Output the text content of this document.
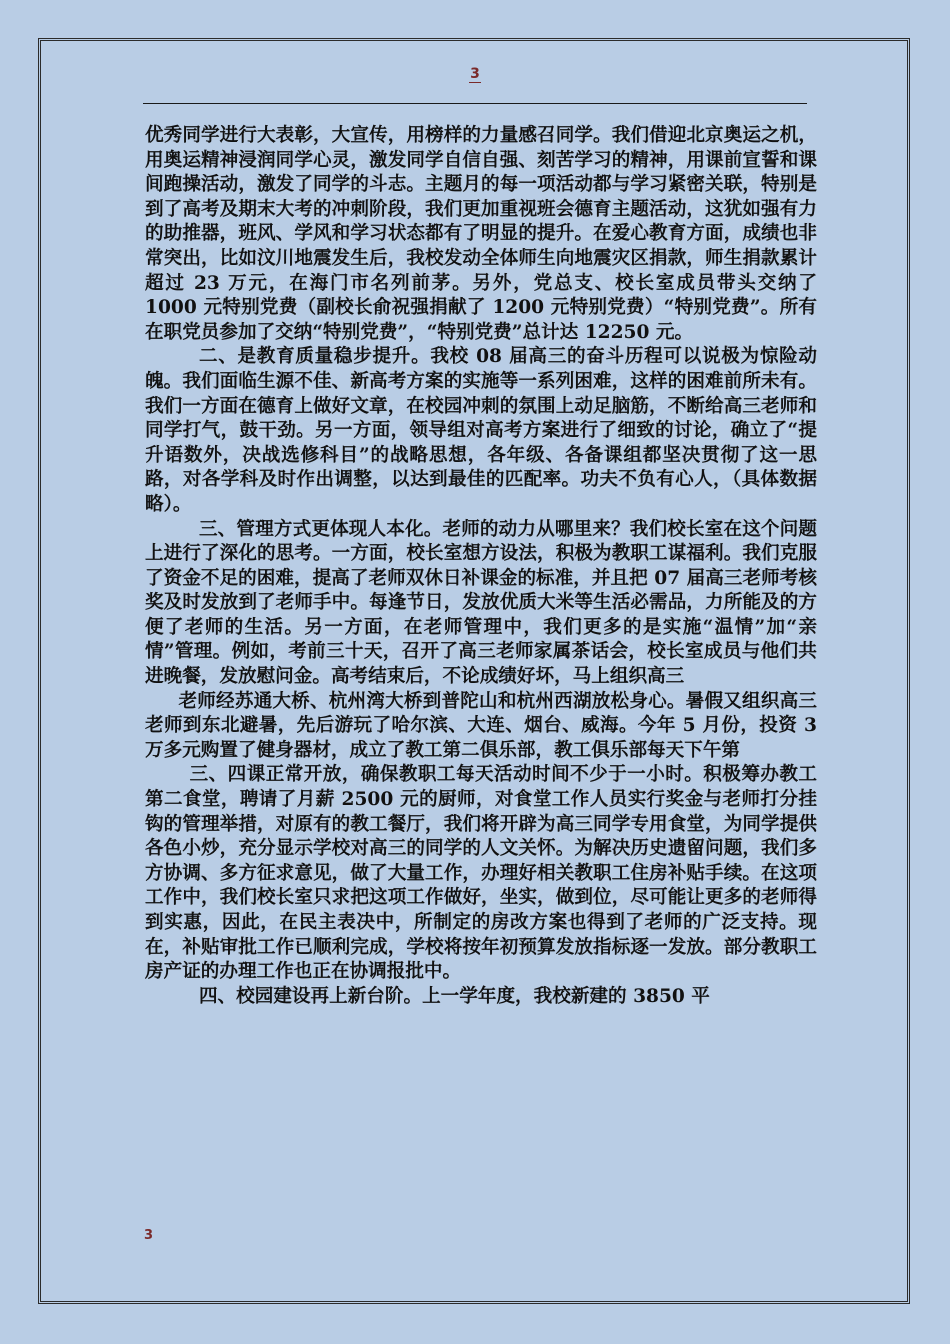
3

优秀同学进行大表彰，大宣传，用榜样的力量感召同学。我们借迎北京奥运之机，用奥运精神浸润同学心灵，激发同学自信自强、刻苦学习的精神，用课前宣誓和课间跑操活动，激发了同学的斗志。主题月的每一项活动都与学习紧密关联，特别是到了高考及期末大考的冲刺阶段，我们更加重视班会德育主题活动，这犹如强有力的助推器，班风、学风和学习状态都有了明显的提升。在爱心教育方面，成绩也非常突出，比如汶川地震发生后，我校发动全体师生向地震灾区捐款，师生捐款累计超过 23 万元，在海门市名列前茅。另外，党总支、校长室成员带头交纳了 1000 元特别党费（副校长俞祝强捐献了 1200 元特别党费）“特别党费”。所有在职党员参加了交纳“特别党费”，“特别党费”总计达 12250 元。

二、是教育质量稳步提升。我校 08 届高三的奋斗历程可以说极为惊险动魄。我们面临生源不佳、新高考方案的实施等一系列困难，这样的困难前所未有。我们一方面在德育上做好文章，在校园冲刺的氛围上动足脑筋，不断给高三老师和同学打气，鼓干劲。另一方面，领导组对高考方案进行了细致的讨论，确立了“提升语数外，决战选修科目”的战略思想，各年级、各备课组都坚决贯彻了这一思路，对各学科及时作出调整，以达到最佳的匹配率。功夫不负有心人，（具体数据略）。

三、管理方式更体现人本化。老师的动力从哪里来？我们校长室在这个问题上进行了深化的思考。一方面，校长室想方设法，积极为教职工谋福利。我们克服了资金不足的困难，提高了老师双休日补课金的标准，并且把 07 届高三老师考核奖及时发放到了老师手中。每逢节日，发放优质大米等生活必需品，力所能及的方便了老师的生活。另一方面，在老师管理中，我们更多的是实施“温情”加“亲情”管理。例如，考前三十天，召开了高三老师家属茶话会，校长室成员与他们共进晚餐，发放慰问金。高考结束后，不论成绩好坏，马上组织高三

老师经苏通大桥、杭州湾大桥到普陀山和杭州西湖放松身心。暑假又组织高三老师到东北避暑，先后游玩了哈尔滨、大连、烟台、威海。今年 5 月份，投资 3 万多元购置了健身器材，成立了教工第二俱乐部，教工俱乐部每天下午第

三、四课正常开放，确保教职工每天活动时间不少于一小时。积极筹办教工第二食堂，聘请了月薪 2500 元的厨师，对食堂工作人员实行奖金与老师打分挂钩的管理举措，对原有的教工餐厅，我们将开辟为高三同学专用食堂，为同学提供各色小炒，充分显示学校对高三的同学的人文关怀。为解决历史遗留问题，我们多方协调、多方征求意见，做了大量工作，办理好相关教职工住房补贴手续。在这项工作中，我们校长室只求把这项工作做好，坐实，做到位，尽可能让更多的老师得到实惠，因此，在民主表决中，所制定的房改方案也得到了老师的广泛支持。现在，补贴审批工作已顺利完成，学校将按年初预算发放指标逐一发放。部分教职工房产证的办理工作也正在协调报批中。

四、校园建设再上新台阶。上一学年度，我校新建的 3850 平

3
